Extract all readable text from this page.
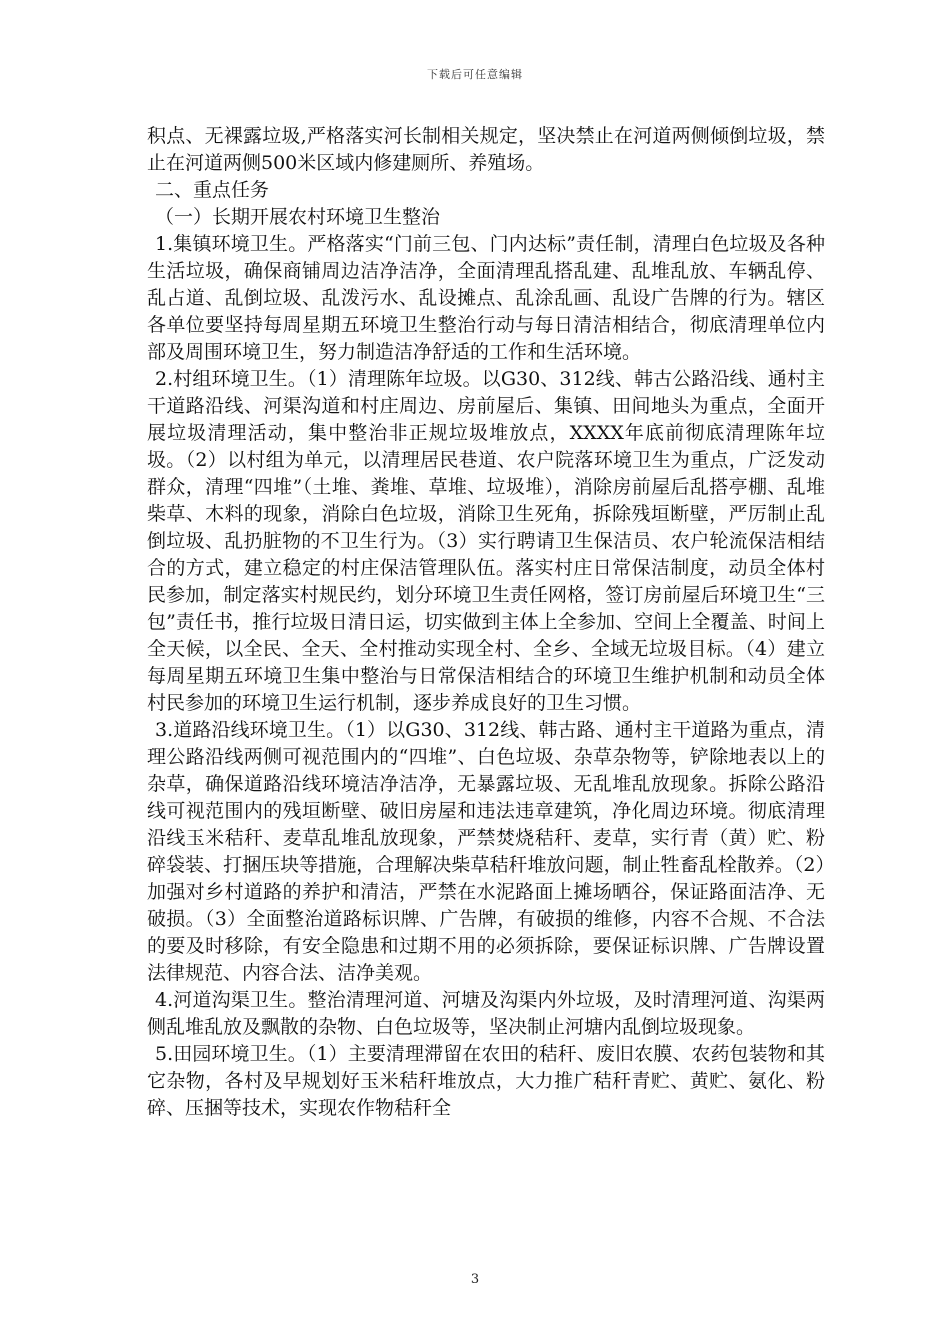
下载后可任意编辑

积点、无裸露垃圾,严格落实河长制相关规定，坚决禁止在河道两侧倾倒垃圾，禁止在河道两侧500米区域内修建厕所、养殖场。

二、重点任务

（一）长期开展农村环境卫生整治

1.集镇环境卫生。严格落实“门前三包、门内达标”责任制，清理白色垃圾及各种生活垃圾，确保商铺周边洁净洁净，全面清理乱搭乱建、乱堆乱放、车辆乱停、乱占道、乱倒垃圾、乱泼污水、乱设摊点、乱涂乱画、乱设广告牌的行为。辖区各单位要坚持每周星期五环境卫生整治行动与每日清洁相结合，彻底清理单位内部及周围环境卫生，努力制造洁净舒适的工作和生活环境。

2.村组环境卫生。（1）清理陈年垃圾。以G30、312线、韩古公路沿线、通村主干道路沿线、河渠沟道和村庄周边、房前屋后、集镇、田间地头为重点，全面开展垃圾清理活动，集中整治非正规垃圾堆放点，XXXX年底前彻底清理陈年垃圾。（2）以村组为单元，以清理居民巷道、农户院落环境卫生为重点，广泛发动群众，清理“四堆”（土堆、粪堆、草堆、垃圾堆），消除房前屋后乱搭亭棚、乱堆柴草、木料的现象，消除白色垃圾，消除卫生死角，拆除残垣断壁，严厉制止乱倒垃圾、乱扔脏物的不卫生行为。（3）实行聘请卫生保洁员、农户轮流保洁相结合的方式，建立稳定的村庄保洁管理队伍。落实村庄日常保洁制度，动员全体村民参加，制定落实村规民约，划分环境卫生责任网格，签订房前屋后环境卫生“三包”责任书，推行垃圾日清日运，切实做到主体上全参加、空间上全覆盖、时间上全天候，以全民、全天、全村推动实现全村、全乡、全域无垃圾目标。（4）建立每周星期五环境卫生集中整治与日常保洁相结合的环境卫生维护机制和动员全体村民参加的环境卫生运行机制，逐步养成良好的卫生习惯。

3.道路沿线环境卫生。（1）以G30、312线、韩古路、通村主干道路为重点，清理公路沿线两侧可视范围内的“四堆”、白色垃圾、杂草杂物等，铲除地表以上的杂草，确保道路沿线环境洁净洁净，无暴露垃圾、无乱堆乱放现象。拆除公路沿线可视范围内的残垣断壁、破旧房屋和违法违章建筑，净化周边环境。彻底清理沿线玉米秸秆、麦草乱堆乱放现象，严禁焚烧秸秆、麦草，实行青（黄）贮、粉碎袋装、打捆压块等措施，合理解决柴草秸秆堆放问题，制止牲畜乱栓散养。（2）加强对乡村道路的养护和清洁，严禁在水泥路面上摊场晒谷，保证路面洁净、无破损。（3）全面整治道路标识牌、广告牌，有破损的维修，内容不合规、不合法的要及时移除，有安全隐患和过期不用的必须拆除，要保证标识牌、广告牌设置法律规范、内容合法、洁净美观。

4.河道沟渠卫生。整治清理河道、河塘及沟渠内外垃圾，及时清理河道、沟渠两侧乱堆乱放及飘散的杂物、白色垃圾等，坚决制止河塘内乱倒垃圾现象。

5.田园环境卫生。（1）主要清理滞留在农田的秸秆、废旧农膜、农药包装物和其它杂物，各村及早规划好玉米秸秆堆放点，大力推广秸秆青贮、黄贮、氨化、粉碎、压捆等技术，实现农作物秸秆全

3
